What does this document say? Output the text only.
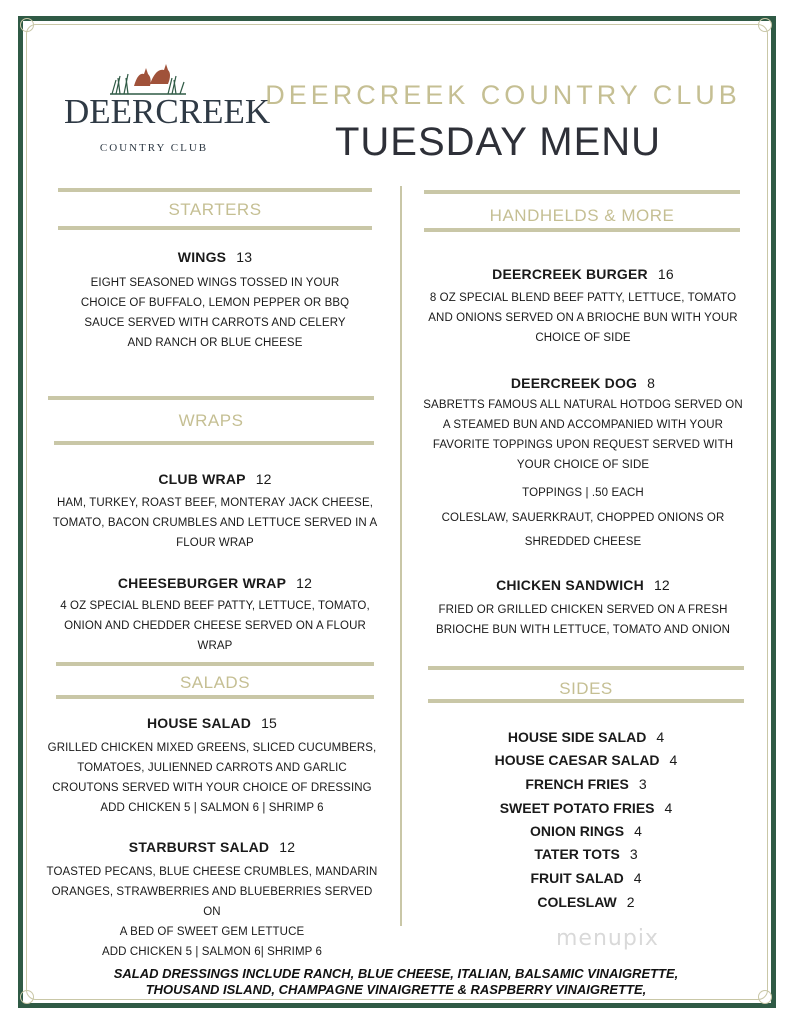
DEERCREEK
COUNTRY CLUB
DEERCREEK COUNTRY CLUB
TUESDAY MENU
STARTERS
WINGS 13
EIGHT SEASONED WINGS TOSSED IN YOUR
CHOICE OF BUFFALO, LEMON PEPPER OR BBQ
SAUCE SERVED WITH CARROTS AND CELERY
AND RANCH OR BLUE CHEESE
WRAPS
CLUB WRAP 12
HAM, TURKEY, ROAST BEEF, MONTERAY JACK CHEESE,
TOMATO, BACON CRUMBLES AND LETTUCE SERVED IN A
FLOUR WRAP
CHEESEBURGER WRAP 12
4 OZ SPECIAL BLEND BEEF PATTY, LETTUCE, TOMATO,
ONION AND CHEDDER CHEESE SERVED ON A FLOUR
WRAP
SALADS
HOUSE SALAD 15
GRILLED CHICKEN MIXED GREENS, SLICED CUCUMBERS,
TOMATOES, JULIENNED CARROTS AND GARLIC
CROUTONS SERVED WITH YOUR CHOICE OF DRESSING
ADD CHICKEN 5 | SALMON 6 | SHRIMP 6
STARBURST SALAD 12
TOASTED PECANS, BLUE CHEESE CRUMBLES, MANDARIN
ORANGES, STRAWBERRIES AND BLUEBERRIES SERVED ON
A BED OF SWEET GEM LETTUCE
ADD CHICKEN 5 | SALMON 6| SHRIMP 6
HANDHELDS & MORE
DEERCREEK BURGER 16
8 OZ SPECIAL BLEND BEEF PATTY, LETTUCE, TOMATO
AND ONIONS SERVED ON A BRIOCHE BUN WITH YOUR
CHOICE OF SIDE
DEERCREEK DOG 8
SABRETTS FAMOUS ALL NATURAL HOTDOG SERVED ON
A STEAMED BUN AND ACCOMPANIED WITH YOUR
FAVORITE TOPPINGS UPON REQUEST SERVED WITH
YOUR CHOICE OF SIDE
TOPPINGS | .50 EACH
COLESLAW, SAUERKRAUT, CHOPPED ONIONS OR
SHREDDED CHEESE
CHICKEN SANDWICH 12
FRIED OR GRILLED CHICKEN SERVED ON A FRESH
BRIOCHE BUN WITH LETTUCE, TOMATO AND ONION
SIDES
HOUSE SIDE SALAD 4
HOUSE CAESAR SALAD 4
FRENCH FRIES 3
SWEET POTATO FRIES 4
ONION RINGS 4
TATER TOTS 3
FRUIT SALAD 4
COLESLAW 2
menupix
SALAD DRESSINGS INCLUDE RANCH, BLUE CHEESE, ITALIAN, BALSAMIC VINAIGRETTE,
THOUSAND ISLAND, CHAMPAGNE VINAIGRETTE & RASPBERRY VINAIGRETTE,
